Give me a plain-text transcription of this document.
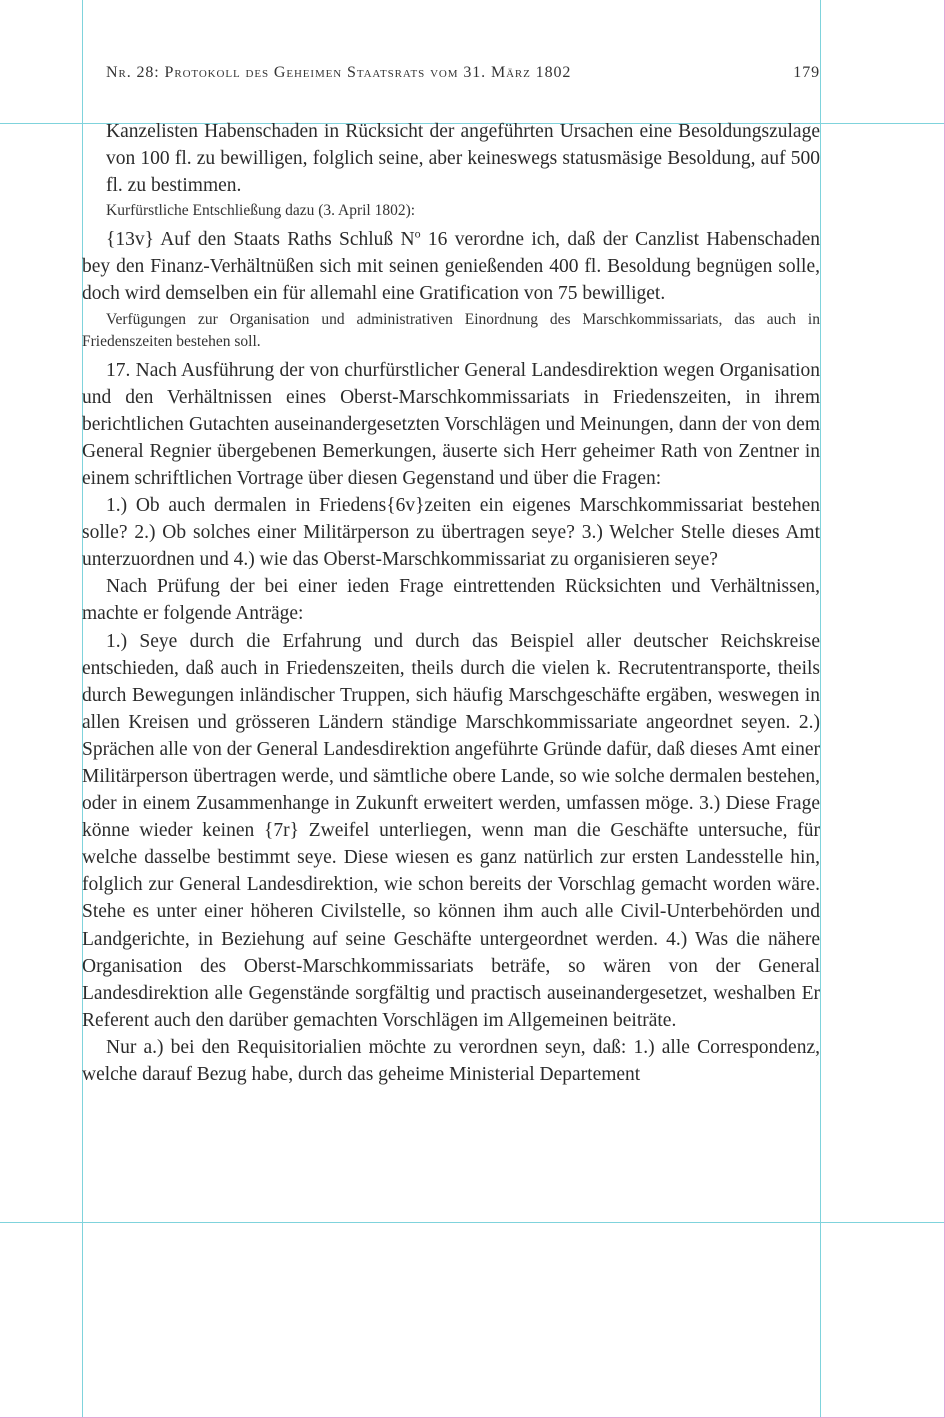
Nr. 28: Protokoll des Geheimen Staatsrats vom 31. März 1802	179

Kanzelisten Habenschaden in Rücksicht der angeführten Ursachen eine Besoldungszulage von 100 fl. zu bewilligen, folglich seine, aber keineswegs statusmäsige Besoldung, auf 500 fl. zu bestimmen.

Kurfürstliche Entschließung dazu (3. April 1802):

{13v} Auf den Staats Raths Schluß $N^o$ 16 verordne ich, daß der Canzlist Habenschaden bey den Finanz-Verhältnüßen sich mit seinen genießenden 400 fl. Besoldung begnügen solle, doch wird demselben ein für allemahl eine Gratification von 75 bewilliget.

Verfügungen zur Organisation und administrativen Einordnung des Marschkommissariats, das auch in Friedenszeiten bestehen soll.

17. Nach Ausführung der von churfürstlicher General Landesdirektion wegen Organisation und den Verhältnissen eines Oberst-Marschkommissariats in Friedenszeiten, in ihrem berichtlichen Gutachten auseinandergesetzten Vorschlägen und Meinungen, dann der von dem General Regnier übergebenen Bemerkungen, äuserte sich Herr geheimer Rath von Zentner in einem schriftlichen Vortrage über diesen Gegenstand und über die Fragen:

1.) Ob auch dermalen in Friedens{6v}zeiten ein eigenes Marschkommissariat bestehen solle? 2.) Ob solches einer Militärperson zu übertragen seye? 3.) Welcher Stelle dieses Amt unterzuordnen und 4.) wie das Oberst-Marschkommissariat zu organisieren seye?

Nach Prüfung der bei einer ieden Frage eintrettenden Rücksichten und Verhältnissen, machte er folgende Anträge:

1.) Seye durch die Erfahrung und durch das Beispiel aller deutscher Reichskreise entschieden, daß auch in Friedenszeiten, theils durch die vielen k. Recrutentransporte, theils durch Bewegungen inländischer Truppen, sich häufig Marschgeschäfte ergäben, weswegen in allen Kreisen und grösseren Ländern ständige Marschkommissariate angeordnet seyen. 2.) Sprächen alle von der General Landesdirektion angeführte Gründe dafür, daß dieses Amt einer Militärperson übertragen werde, und sämtliche obere Lande, so wie solche dermalen bestehen, oder in einem Zusammenhange in Zukunft erweitert werden, umfassen möge. 3.) Diese Frage könne wieder keinen {7r} Zweifel unterliegen, wenn man die Geschäfte untersuche, für welche dasselbe bestimmt seye. Diese wiesen es ganz natürlich zur ersten Landesstelle hin, folglich zur General Landesdirektion, wie schon bereits der Vorschlag gemacht worden wäre. Stehe es unter einer höheren Civilstelle, so können ihm auch alle Civil-Unterbehörden und Landgerichte, in Beziehung auf seine Geschäfte untergeordnet werden. 4.) Was die nähere Organisation des Oberst-Marschkommissariats beträfe, so wären von der General Landesdirektion alle Gegenstände sorgfältig und practisch auseinandergesetzet, weshalben Er Referent auch den darüber gemachten Vorschlägen im Allgemeinen beiträte.

Nur a.) bei den Requisitorialien möchte zu verordnen seyn, daß: 1.) alle Correspondenz, welche darauf Bezug habe, durch das geheime Ministerial Departement
